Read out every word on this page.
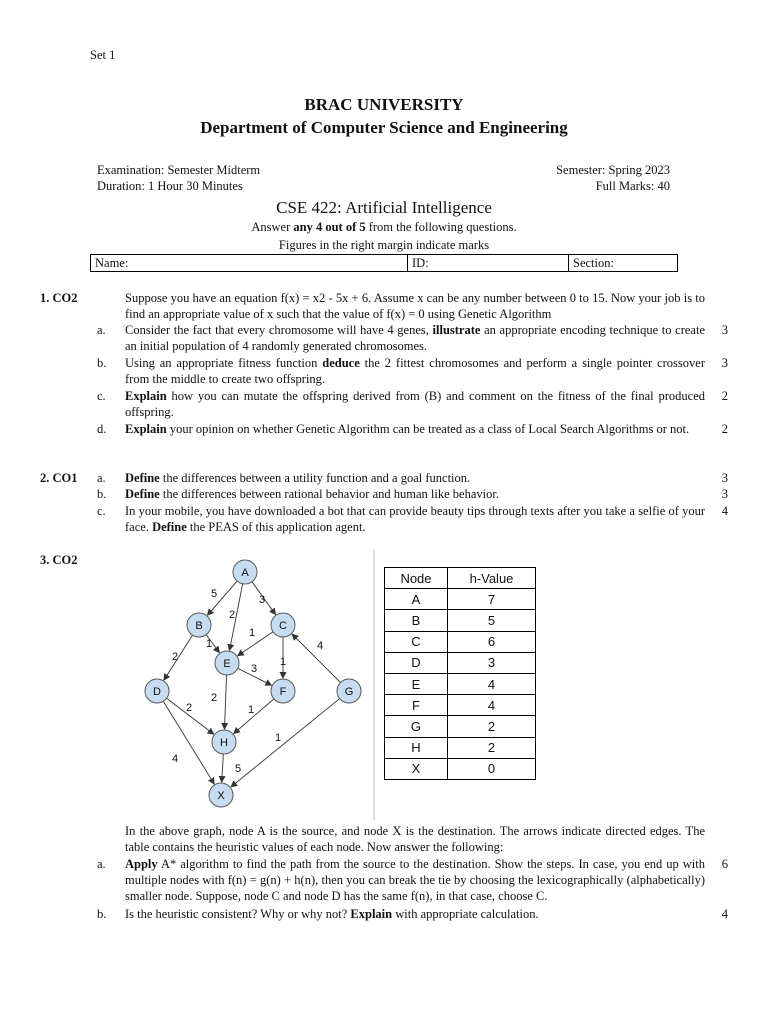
Set 1
BRAC UNIVERSITY
Department of Computer Science and Engineering
Examination: Semester Midterm
Duration: 1 Hour 30 Minutes
Semester: Spring 2023
Full Marks: 40
CSE 422: Artificial Intelligence
Answer any 4 out of 5 from the following questions.
Figures in the right margin indicate marks
Name:	ID:	Section:
1. CO2	Suppose you have an equation f(x) = x2 - 5x + 6. Assume x can be any number between 0 to 15. Now your job is to find an appropriate value of x such that the value of f(x) = 0 using Genetic Algorithm
a. Consider the fact that every chromosome will have 4 genes, illustrate an appropriate encoding technique to create an initial population of 4 randomly generated chromosomes.
3
b. Using an appropriate fitness function deduce the 2 fittest chromosomes and perform a single pointer crossover from the middle to create two offspring.
3
c. Explain how you can mutate the offspring derived from (B) and comment on the fitness of the final produced offspring.
2
d. Explain your opinion on whether Genetic Algorithm can be treated as a class of Local Search Algorithms or not.	2
2. CO1 a. Define the differences between a utility function and a goal function.	3
b. Define the differences between rational behavior and human like behavior.	3
c. In your mobile, you have downloaded a bot that can provide beauty tips through texts after you take a selfie of your face. Define the PEAS of this application agent.
4
3. CO2
5
2
3
1
1
1
2
3
4
2
2
1
4
5
1
A
B	C
D
E
F	G
H
X
Node	h-Value
A	7
B	5
C	6
D	3
E	4
F	4
G	2
H	2
X	0
In the above graph, node A is the source, and node X is the destination. The arrows indicate directed edges. The table contains the heuristic values of each node. Now answer the following:
a. Apply A* algorithm to find the path from the source to the destination. Show the steps. In case, you end up with multiple nodes with f(n) = g(n) + h(n), then you can break the tie by choosing the lexicographically (alphabetically) smaller node. Suppose, node C and node D has the same f(n), in that case, choose C.
6
b. Is the heuristic consistent? Why or why not? Explain with appropriate calculation.	4
